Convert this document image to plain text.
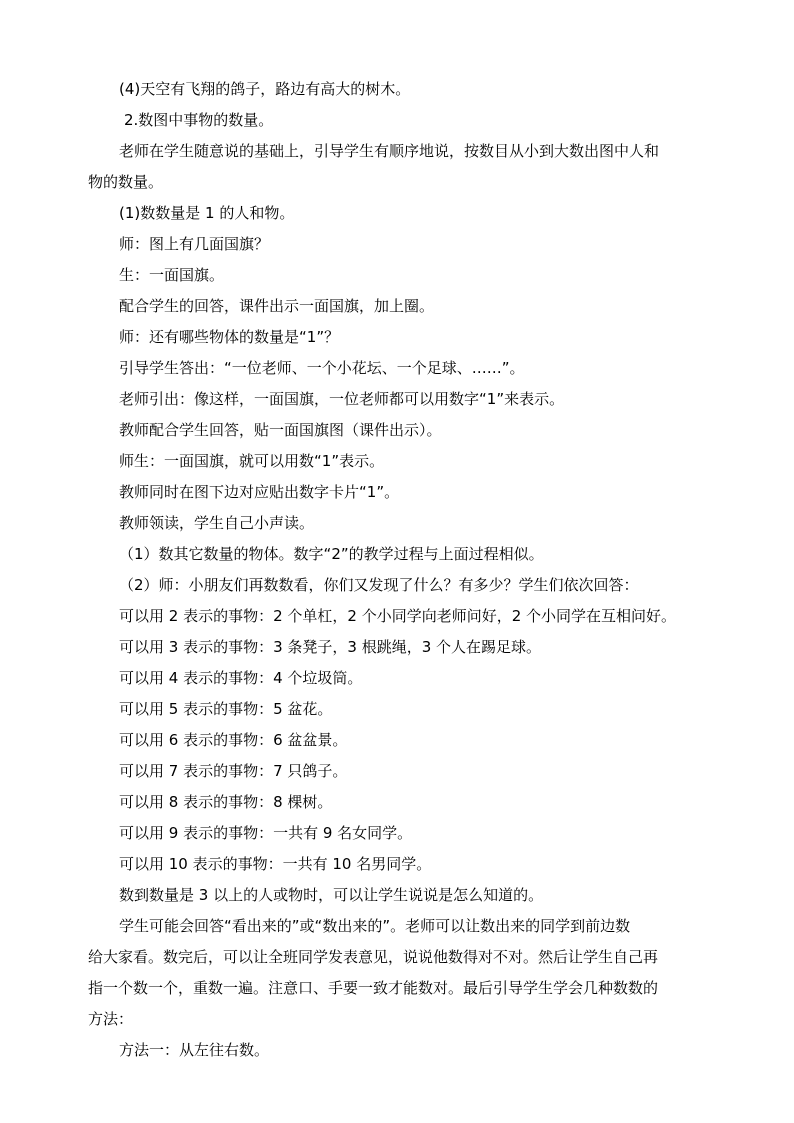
(4)天空有飞翔的鸽子，路边有高大的树木。
2.数图中事物的数量。
老师在学生随意说的基础上，引导学生有顺序地说，按数目从小到大数出图中人和
物的数量。
(1)数数量是 1 的人和物。
师：图上有几面国旗？
生：一面国旗。
配合学生的回答，课件出示一面国旗，加上圈。
师：还有哪些物体的数量是“1”？
引导学生答出：“一位老师、一个小花坛、一个足球、……”。
老师引出：像这样，一面国旗，一位老师都可以用数字“1”来表示。
教师配合学生回答，贴一面国旗图（课件出示）。
师生：一面国旗，就可以用数“1”表示。
教师同时在图下边对应贴出数字卡片“1”。
教师领读，学生自己小声读。
（1）数其它数量的物体。数字“2”的教学过程与上面过程相似。
（2）师：小朋友们再数数看，你们又发现了什么？有多少？学生们依次回答：
可以用 2 表示的事物：2 个单杠，2 个小同学向老师问好，2 个小同学在互相问好。
可以用 3 表示的事物：3 条凳子，3 根跳绳，3 个人在踢足球。
可以用 4 表示的事物：4 个垃圾筒。
可以用 5 表示的事物：5 盆花。
可以用 6 表示的事物：6 盆盆景。
可以用 7 表示的事物：7 只鸽子。
可以用 8 表示的事物：8 棵树。
可以用 9 表示的事物：一共有 9 名女同学。
可以用 10 表示的事物：一共有 10 名男同学。
数到数量是 3 以上的人或物时，可以让学生说说是怎么知道的。
学生可能会回答“看出来的”或“数出来的”。老师可以让数出来的同学到前边数
给大家看。数完后，可以让全班同学发表意见，说说他数得对不对。然后让学生自己再
指一个数一个，重数一遍。注意口、手要一致才能数对。最后引导学生学会几种数数的
方法：
方法一：从左往右数。
